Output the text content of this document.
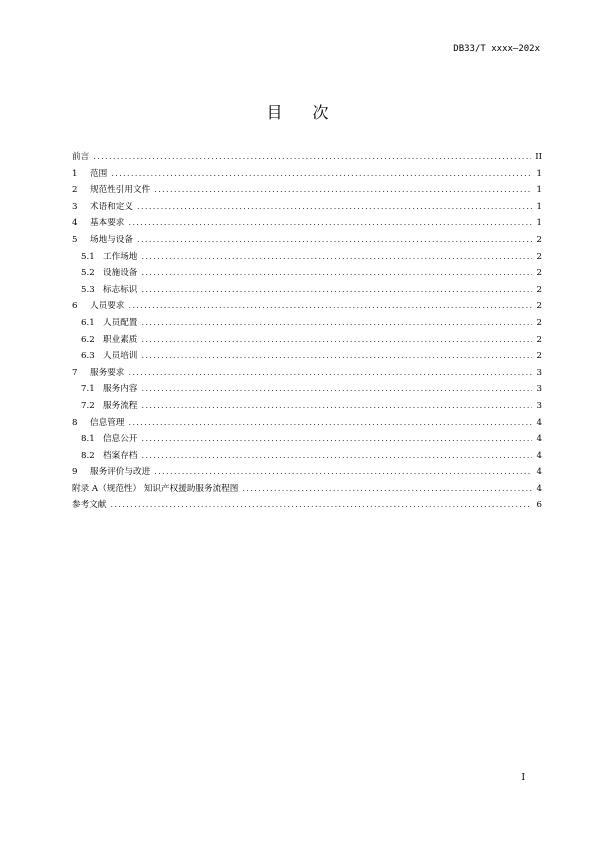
DB33/T xxxx—202x
目 次
前言 .....	II
1	范围 .....	1
2	规范性引用文件 .....	1
3	术语和定义 .....	1
4	基本要求 .....	1
5	场地与设备 .....	2
5.1 工作场地 .....	2
5.2 设施设备 .....	2
5.3 标志标识 .....	2
6	人员要求 .....	2
6.1 人员配置 .....	2
6.2 职业素质 .....	2
6.3 人员培训 .....	2
7	服务要求 .....	3
7.1 服务内容 .....	3
7.2 服务流程 .....	3
8	信息管理 .....	4
8.1 信息公开 .....	4
8.2 档案存档 .....	4
9	服务评价与改进 .....	4
附录 A（规范性） 知识产权援助服务流程图 .....	4
参考文献 .....	6
I
